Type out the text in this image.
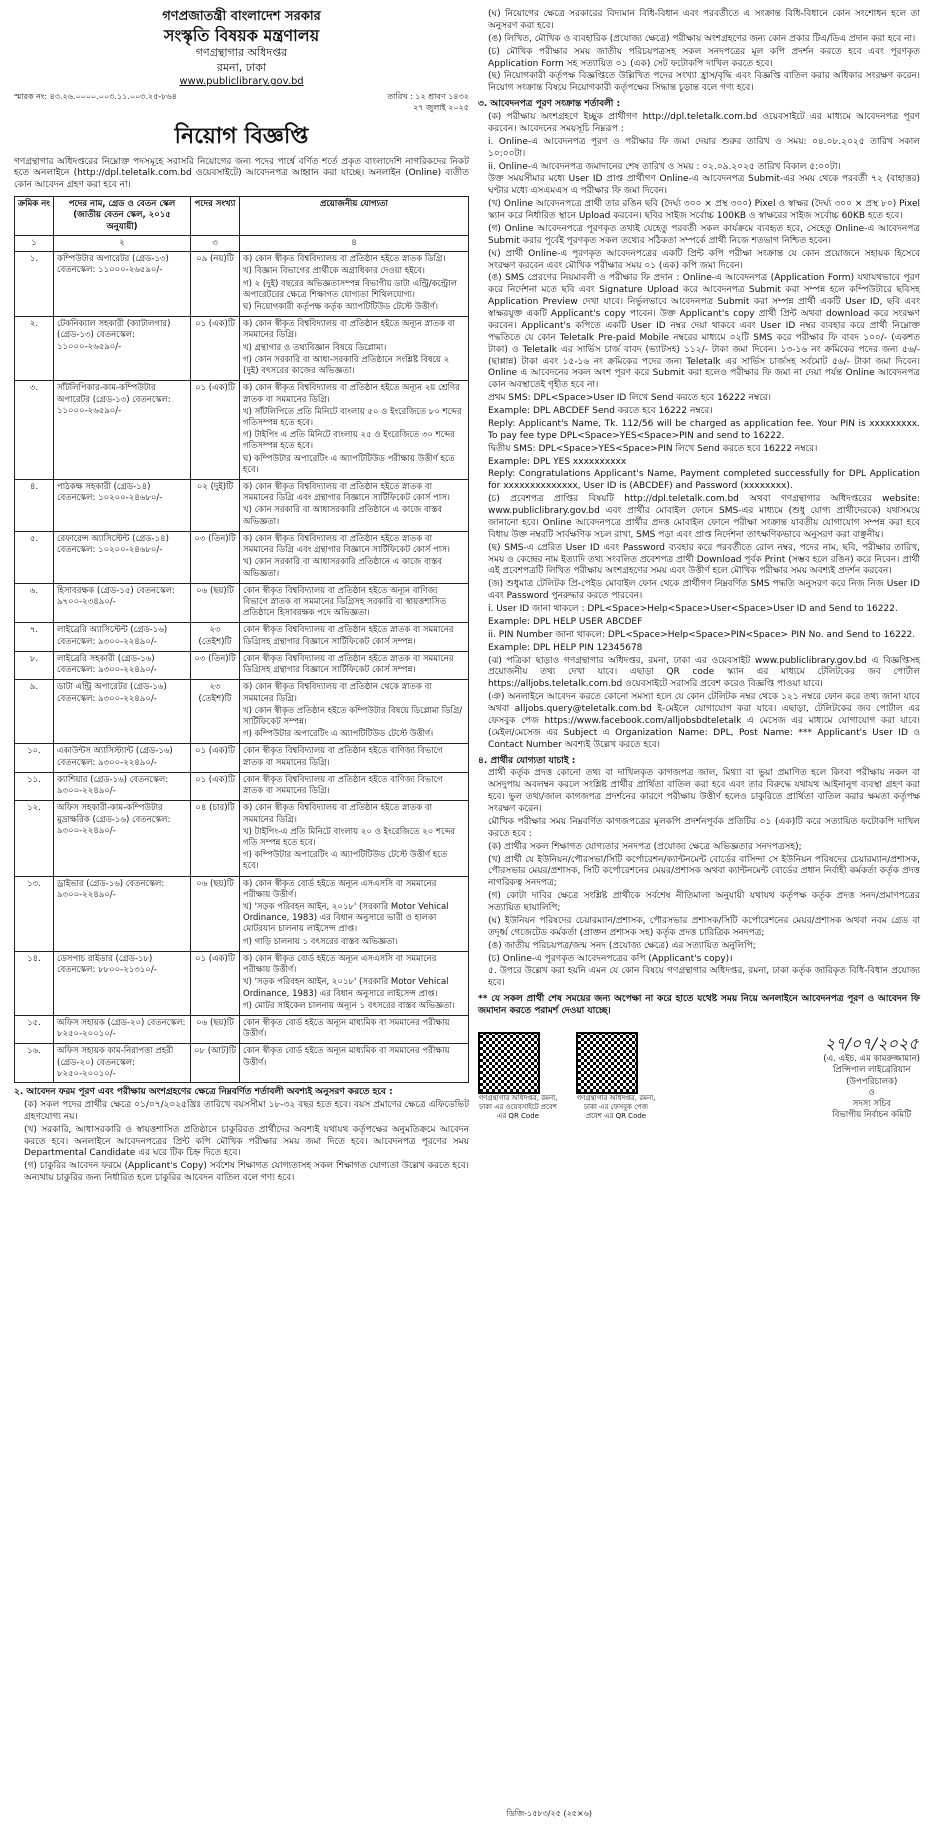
গণপ্রজাতন্ত্রী বাংলাদেশ সরকার
সংস্কৃতি বিষয়ক মন্ত্রণালয়
গণগ্রন্থাগার অধিদপ্তর
রমনা, ঢাকা
www.publiclibrary.gov.bd
স্মারক নং: ৪৩.২৬.০০০০.০০৩.১১.০০৩.২৫-৮৬৪	তারিখ : ১২ শ্রাবণ ১৪৩২
২৭ জুলাই ২০২৫
নিয়োগ বিজ্ঞপ্তি
গণগ্রন্থাগার অধিদপ্তরের নিম্নোক্ত পদসমূহে সরাসরি নিয়োগের জন্য পদের পার্শ্বে বর্ণিত শর্তে প্রকৃত বাংলাদেশি নাগরিকদের নিকট হতে অনলাইনে (http://dpl.teletalk.com.bd ওয়েবসাইটে) আবেদনপত্র আহ্বান করা যাচ্ছে। অনলাইন (Online) ব্যতীত কোন আবেদন গ্রহণ করা হবে না।
ক্রমিক নং	পদের নাম, গ্রেড ও বেতন স্কেল (জাতীয় বেতন স্কেল, ২০১৫ অনুযায়ী)	পদের সংখ্যা	প্রয়োজনীয় যোগ্যতা
১	২	৩	৪
১.	কম্পিউটার অপারেটর (গ্রেড-১৩) বেতনস্কেল: ১১০০০-২৬৫৯০/-	০৯ (নয়)টি	ক) কোন স্বীকৃত বিশ্ববিদ্যালয় বা প্রতিষ্ঠান হইতে স্নাতক ডিগ্রি।
খ) বিজ্ঞান বিভাগের প্রার্থীকে অগ্রাধিকার দেওয়া হইবে।
গ) ২ (দুই) বছরের অভিজ্ঞতাসম্পন্ন বিভাগীয় ডাটা এন্ট্রি/কন্ট্রোল অপারেটরের ক্ষেত্রে শিক্ষাগত যোগ্যতা শিথিলযোগ্য।
ঘ) নিয়োগকারী কর্তৃপক্ষ কর্তৃক অ্যাপটিটিউড টেস্টে উত্তীর্ণ।

২.	টেকনিক্যাল সহকারী (ক্যাটালগার) (গ্রেড-১৩) বেতনস্কেল: ১১০০০-২৬৫৯০/-	০১ (এক)টি	ক) কোন স্বীকৃত বিশ্ববিদ্যালয় বা প্রতিষ্ঠান হইতে অন্যূন স্নাতক বা সমমানের ডিগ্রি।
খ) গ্রন্থাগার ও তথ্যবিজ্ঞান বিষয়ে ডিপ্লোমা।
গ) কোন সরকারি বা আধা-সরকারি প্রতিষ্ঠানে সংশ্লিষ্ট বিষয়ে ২ (দুই) বৎসরের কাজের অভিজ্ঞতা।

৩.	সাঁটলিপিকার-কাম-কম্পিউটার অপারেটর (গ্রেড-১৩) বেতনস্কেল: ১১০০০-২৬৫৯০/-	০১ (এক)টি	ক) কোন স্বীকৃত বিশ্ববিদ্যালয় বা প্রতিষ্ঠান হইতে অন্যূন ২য় শ্রেণির স্নাতক বা সমমানের ডিগ্রি।
খ) সাঁটলিপিতে প্রতি মিনিটে বাংলায় ৫০ ও ইংরেজিতে ৮০ শব্দের গতিসম্পন্ন হতে হবে।
গ) টাইপিং এ প্রতি মিনিটে বাংলায় ২৫ ও ইংরেজিতে ৩০ শব্দের গতিসম্পন্ন হতে হবে।
ঘ) কম্পিউটার অপারেটিং এ অ্যাপটিটিউড পরীক্ষায় উত্তীর্ণ হতে হবে।

৪.	পাঠকক্ষ সহকারী (গ্রেড-১৪) বেতনস্কেল: ১০২০০-২৪৬৮০/-	০২ (দুই)টি	ক) কোন স্বীকৃত বিশ্ববিদ্যালয় বা প্রতিষ্ঠান হইতে স্নাতক বা সমমানের ডিগ্রি এবং গ্রন্থাগার বিজ্ঞানে সার্টিফিকেট কোর্স পাস।
খ) কোন সরকারি বা আধাসরকারি প্রতিষ্ঠানে এ কাজে বাস্তব অভিজ্ঞতা।

৫.	রেফারেন্স অ্যাসিস্টেন্ট (গ্রেড-১৪) বেতনস্কেল: ১০২০০-২৪৬৮০/-	০৩ (তিন)টি	ক) কোন স্বীকৃত বিশ্ববিদ্যালয় বা প্রতিষ্ঠান হইতে স্নাতক বা সমমানের ডিগ্রি এবং গ্রন্থাগার বিজ্ঞানে সার্টিফিকেট কোর্স পাস।
খ) কোন সরকারি বা আধাসরকারি প্রতিষ্ঠানে এ কাজে বাস্তব অভিজ্ঞতা।

৬.	হিসাবরক্ষক (গ্রেড-১৫) বেতনস্কেল: ৯৭০০-২৩৪৯০/-	০৬ (ছয়)টি	কোন স্বীকৃত বিশ্ববিদ্যালয় বা প্রতিষ্ঠান হইতে অন্যূন বাণিজ্য বিভাগে স্নাতক বা সমমানের ডিগ্রিসহ সরকারি বা স্বায়ত্তশাসিত প্রতিষ্ঠানে হিসাবরক্ষক পদে অভিজ্ঞতা।

৭.	লাইব্রেরি অ্যাসিস্টেন্ট (গ্রেড-১৬) বেতনস্কেল: ৯৩০০-২২৪৯০/-	২৩ (তেইশ)টি	কোন স্বীকৃত বিশ্ববিদ্যালয় বা প্রতিষ্ঠান হইতে স্নাতক বা সমমানের ডিগ্রিসহ গ্রন্থাগার বিজ্ঞানে সার্টিফিকেট কোর্স সম্পন্ন।

৮.	লাইব্রেরি সহকারী (গ্রেড-১৬) বেতনস্কেল: ৯৩০০-২২৪৯০/-	০৩ (তিন)টি	কোন স্বীকৃত বিশ্ববিদ্যালয় বা প্রতিষ্ঠান হইতে স্নাতক বা সমমানের ডিগ্রিসহ গ্রন্থাগার বিজ্ঞানে সার্টিফিকেট কোর্স সম্পন্ন।

৯.	ডাটা এন্ট্রি অপারেটর (গ্রেড-১৬) বেতনস্কেল: ৯৩০০-২২৪৯০/-	২৩ (তেইশ)টি	ক) কোন স্বীকৃত বিশ্ববিদ্যালয় বা প্রতিষ্ঠান থেকে স্নাতক বা সমমানের ডিগ্রি।
খ) কোন স্বীকৃত প্রতিষ্ঠান হইতে কম্পিউটার বিষয়ে ডিপ্লোমা ডিগ্রি/সার্টিফিকেট সম্পন্ন।
গ) কম্পিউটার অপারেটিং এ অ্যাপটিটিউড টেস্টে উত্তীর্ণ।

১০.	একাউন্টস অ্যাসিস্ট্যান্ট (গ্রেড-১৬) বেতনস্কেল: ৯৩০০-২২৪৯০/-	০১ (এক)টি	কোন স্বীকৃত বিশ্ববিদ্যালয় বা প্রতিষ্ঠান হইতে বাণিজ্য বিভাগে স্নাতক বা সমমানের ডিগ্রি।

১১.	ক্যাশিয়ার (গ্রেড-১৬) বেতনস্কেল: ৯৩০০-২২৪৯০/-	০১ (এক)টি	কোন স্বীকৃত বিশ্ববিদ্যালয় বা প্রতিষ্ঠান হইতে বাণিজ্য বিভাগে স্নাতক বা সমমানের ডিগ্রি।

১২.	অফিস সহকারী-কাম-কম্পিউটার মুদ্রাক্ষরিক (গ্রেড-১৬) বেতনস্কেল: ৯৩০০-২২৪৯০/-	০৪ (চার)টি	ক) কোন স্বীকৃত বিশ্ববিদ্যালয় বা প্রতিষ্ঠান হইতে স্নাতক বা সমমানের ডিগ্রি।
খ) টাইপিং-এ প্রতি মিনিটে বাংলায় ২০ ও ইংরেজিতে ২০ শব্দের গতি সম্পন্ন হতে হবে।
গ) কম্পিউটার অপারেটিং এ অ্যাপটিটিউড টেস্টে উত্তীর্ণ হতে হবে।

১৩.	ড্রাইভার (গ্রেড-১৬) বেতনস্কেল: ৯৩০০-২২৪৯০/-	০৬ (ছয়)টি	ক) কোন স্বীকৃত বোর্ড হইতে অন্যূন এসএসসি বা সমমানের পরীক্ষায় উত্তীর্ণ।
খ) 'সড়ক পরিবহন আইন, ২০১৮' (সরকারি Motor Vehical Ordinance, 1983) এর বিধান অনুসারে ভারী ও হালকা মোটরযান চালনায় লাইসেন্স প্রাপ্ত।
গ) গাড়ি চালনায় ১ বৎসরের বাস্তব অভিজ্ঞতা।

১৪.	ডেসপাচ রাইডার (গ্রেড-১৮) বেতনস্কেল: ৮৮০০-২১৩১০/-	০১ (এক)টি	ক) কোন স্বীকৃত বোর্ড হইতে অন্যূন এসএসসি বা সমমানের পরীক্ষায় উত্তীর্ণ।
খ) 'সড়ক পরিবহন আইন, ২০১৮' (সরকারি Motor Vehical Ordinance, 1983) এর বিধান অনুসারে লাইসেন্স প্রাপ্ত।
গ) মোটর সাইকেল চালনায় অন্যূন ১ বৎসরের বাস্তব অভিজ্ঞতা।

১৫.	অফিস সহায়ক (গ্রেড-২০) বেতনস্কেল: ৮২৫০-২০০১০/-	০৬ (ছয়)টি	কোন স্বীকৃত বোর্ড হইতে অন্যূন মাধ্যমিক বা সমমানের পরীক্ষায় উত্তীর্ণ।

১৬.	অফিস সহায়ক কাম-নিরাপত্তা প্রহরী (গ্রেড-২০) বেতনস্কেল: ৮২৫০-২০০১০/-	০৮ (আট)টি	কোন স্বীকৃত বোর্ড হইতে অন্যূন মাধ্যমিক বা সমমানের পরীক্ষায় উত্তীর্ণ।
২. আবেদন ফরম পূরণ এবং পরীক্ষায় অংশগ্রহণের ক্ষেত্রে নিম্নবর্ণিত শর্তাবলী অবশ্যই অনুসরণ করতে হবে :
(ক) সকল পদের প্রার্থীর ক্ষেত্রে ০১/০৭/২০২৫খ্রিঃ তারিখে বয়সসীমা ১৮-৩২ বছর হতে হবে। বয়স প্রমাণের ক্ষেত্রে এফিডেভিট গ্রহণযোগ্য নয়।
(খ) সরকারি, আধাসরকারি ও স্বায়ত্তশাসিত প্রতিষ্ঠানে চাকুরিরত প্রার্থীদের অবশ্যই যথাযথ কর্তৃপক্ষের অনুমতিক্রমে আবেদন করতে হবে। অনলাইনে আবেদনপত্রের প্রিন্ট কপি মৌখিক পরীক্ষার সময় জমা দিতে হবে। আবেদনপত্র পূরণের সময় Departmental Candidate এর ঘরে টিক চিহ্ন দিতে হবে।
(গ) চাকুরির আবেদন ফরমে (Applicant's Copy) সর্বশেষ শিক্ষাগত যোগ্যতাসহ সকল শিক্ষাগত যোগ্যতা উল্লেখ করতে হবে। অন্যথায় চাকুরির জন্য নির্ধারিত হলে চাকুরির আবেদন বাতিল বলে গণ্য হবে।
(ঘ) নিয়োগের ক্ষেত্রে সরকারের বিদ্যমান বিধি-বিধান এবং পরবর্তীতে এ সংক্রান্ত বিধি-বিধানে কোন সংশোধন হলে তা অনুসরণ করা হবে।
(ঙ) লিখিত, মৌখিক ও ব্যবহারিক (প্রযোজ্য ক্ষেত্রে) পরীক্ষায় অংশগ্রহণের জন্য কোন প্রকার টিএ/ডিএ প্রদান করা হবে না।
(চ) মৌখিক পরীক্ষার সময় জাতীয় পরিচয়পত্রসহ সকল সনদপত্রের মূল কপি প্রদর্শন করতে হবে এবং পূরণকৃত Application Form সহ সত্যায়িত ০১ (এক) সেট ফটোকপি দাখিল করতে হবে।
(ছ) নিয়োগকারী কর্তৃপক্ষ বিজ্ঞপ্তিতে উল্লিখিত পদের সংখ্যা হ্রাস/বৃদ্ধি এবং বিজ্ঞপ্তি বাতিল করার অধিকার সংরক্ষণ করেন। নিয়োগ সংক্রান্ত বিষয়ে নিয়োগকারী কর্তৃপক্ষের সিদ্ধান্ত চূড়ান্ত বলে গণ্য হবে।
৩. আবেদনপত্র পূরণ সংক্রান্ত শর্তাবলী :
(ক) পরীক্ষায় অংশগ্রহণে ইচ্ছুক প্রার্থীগণ http://dpl.teletalk.com.bd ওয়েবসাইটে এর মাধ্যমে আবেদনপত্র পূরণ করবেন। আবেদনের সময়সূচি নিম্নরূপ :
i. Online-এ আবেদনপত্র পূরণ ও পরীক্ষার ফি জমা দেয়ার শুরুর তারিখ ও সময়: ০৪.০৮.২০২৫ তারিখ সকাল ১০:০০টা।
ii. Online-এ আবেদনপত্র জমাদানের শেষ তারিখ ও সময় : ০২.০৯.২০২৫ তারিখ বিকাল ৫:০০টা।
উক্ত সময়সীমার মধ্যে User ID প্রাপ্ত প্রার্থীগণ Online-এ আবেদনপত্র Submit-এর সময় থেকে পরবর্তী ৭২ (বাহাত্তর) ঘণ্টার মধ্যে এসএমএস এ পরীক্ষার ফি জমা দিবেন।
(খ) Online আবেদনপত্রে প্রার্থী তার রঙিন ছবি (দৈর্ঘ্য ৩০০ × প্রস্থ ৩০০) Pixel ও স্বাক্ষর (দৈর্ঘ্য ৩০০ × প্রস্থ ৮০) Pixel স্ক্যান করে নির্ধারিত স্থানে Upload করবেন। ছবির সাইজ সর্বোচ্চ 100KB ও স্বাক্ষরের সাইজ সর্বোচ্চ 60KB হতে হবে।
(গ) Online আবেদনপত্রে পূরণকৃত তথ্যই যেহেতু পরবর্তী সকল কার্যক্রমে ব্যবহৃত হবে, সেহেতু Online-এ আবেদনপত্র Submit করার পূর্বেই পূরণকৃত সকল তথ্যের সঠিকতা সম্পর্কে প্রার্থী নিজে শতভাগ নিশ্চিত হবেন।
(ঘ) প্রার্থী Online-এ পূরণকৃত আবেদনপত্রের একটি প্রিন্ট কপি পরীক্ষা সংক্রান্ত যে কোন প্রয়োজনে সহায়ক হিসেবে সংরক্ষণ করবেন এবং মৌখিক পরীক্ষার সময় ০১ (এক) কপি জমা দিবেন।
(ঙ) SMS প্রেরণের নিয়মাবলী ও পরীক্ষার ফি প্রদান : Online-এ আবেদনপত্র (Application Form) যথাযথভাবে পূরণ করে নির্দেশনা মতে ছবি এবং Signature Upload করে আবেদনপত্র Submit করা সম্পন্ন হলে কম্পিউটারে ছবিসহ Application Preview দেখা যাবে। নির্ভুলভাবে আবেদনপত্র Submit করা সম্পন্ন প্রার্থী একটি User ID, ছবি এবং স্বাক্ষরযুক্ত একটি Applicant's copy পাবেন। উক্ত Applicant's copy প্রার্থী প্রিন্ট অথবা download করে সংরক্ষণ করবেন। Applicant's কপিতে একটি User ID নম্বর দেয়া থাকবে এবং User ID নম্বর ব্যবহার করে প্রার্থী নিম্নোক্ত পদ্ধতিতে যে কোন Teletalk Pre-paid Mobile নম্বরের মাধ্যমে ০২টি SMS করে পরীক্ষার ফি বাবদ ১০০/- (একশত টাকা) ও Teletalk এর সার্ভিস চার্জ বাবদ (ভ্যাটসহ) ১১২/- টাকা জমা দিবেন। ১৩-১৬ নং ক্রমিকের পদের জন্য ৫৬/- (ছাপ্পান্ন) টাকা এবং ১৫-১৬ নং ক্রমিকের পদের জন্য Teletalk এর সার্ভিস চার্জসহ সর্বমোট ৫৬/- টাকা জমা দিবেন। Online এ আবেদনের সকল অংশ পূরণ করে Submit করা হলেও পরীক্ষার ফি জমা না দেয়া পর্যন্ত Online আবেদনপত্র কোন অবস্থাতেই গৃহীত হবে না।
প্রথম SMS: DPL<Space>User ID লিখে Send করতে হবে 16222 নম্বরে।
Example: DPL ABCDEF Send করতে হবে 16222 নম্বরে।
Reply: Applicant's Name, Tk. 112/56 will be charged as application fee. Your PIN is xxxxxxxxx. To pay fee type DPL<Space>YES<Space>PIN and send to 16222.
দ্বিতীয় SMS: DPL<Space>YES<Space>PIN লিখে Send করতে হবে 16222 নম্বরে।
Example: DPL YES xxxxxxxxxx
Reply: Congratulations Applicant's Name, Payment completed successfully for DPL Application for xxxxxxxxxxxxxx, User ID is (ABCDEF) and Password (xxxxxxxx).
(চ) প্রবেশপত্র প্রাপ্তির বিষয়টি http://dpl.teletalk.com.bd অথবা গণগ্রন্থাগার অধিদপ্তরের website: www.publiclibrary.gov.bd এবং প্রার্থীর মোবাইল ফোনে SMS-এর মাধ্যমে (শুধু যোগ্য প্রার্থীদেরকে) যথাসময়ে জানানো হবে। Online আবেদনপত্রে প্রার্থীর প্রদত্ত মোবাইল ফোনে পরীক্ষা সংক্রান্ত যাবতীয় যোগাযোগ সম্পন্ন করা হবে বিধায় উক্ত নম্বরটি সার্বক্ষণিক সচল রাখা, SMS পড়া এবং প্রাপ্ত নির্দেশনা তাৎক্ষণিকভাবে অনুসরণ করা বাঞ্ছনীয়।
(ছ) SMS-এ প্রেরিত User ID এবং Password ব্যবহার করে পরবর্তীতে রোল নম্বর, পদের নাম, ছবি, পরীক্ষার তারিখ, সময় ও কেন্দ্রের নাম ইত্যাদি তথ্য সংবলিত প্রবেশপত্র প্রার্থী Download পূর্বক Print (সম্ভব হলে রঙিন) করে নিবেন। প্রার্থী এই প্রবেশপত্রটি লিখিত পরীক্ষায় অংশগ্রহণের সময় এবং উত্তীর্ণ হলে মৌখিক পরীক্ষার সময় অবশ্যই প্রদর্শন করবেন।
(জ) শুধুমাত্র টেলিটক প্রি-পেইড মোবাইল ফোন থেকে প্রার্থীগণ নিম্নবর্ণিত SMS পদ্ধতি অনুসরণ করে নিজ নিজ User ID এবং Password পুনরুদ্ধার করতে পারবেন।
i. User ID জানা থাকলে : DPL<Space>Help<Space>User<Space>User ID and Send to 16222.
Example: DPL HELP USER ABCDEF
ii. PIN Number জানা থাকলে: DPL<Space>Help<Space>PIN<Space> PIN No. and Send to 16222.
Example: DPL HELP PIN 12345678
(ঝ) পত্রিকা ছাড়াও গণগ্রন্থাগার অধিদপ্তর, রমনা, ঢাকা এর ওয়েবসাইট www.publiclibrary.gov.bd এ বিজ্ঞপ্তিসহ প্রয়োজনীয় তথ্য দেখা যাবে। এছাড়া QR code স্ক্যান এর মাধ্যমে টেলিটকের জব পোর্টাল https://alljobs.teletalk.com.bd ওয়েবসাইটে সরাসরি প্রবেশ করেও বিজ্ঞপ্তি পাওয়া যাবে।
(ঞ) অনলাইনে আবেদন করতে কোনো সমস্যা হলে যে কোন টেলিটক নম্বর থেকে ১২১ নম্বরে ফোন করে তথ্য জানা যাবে অথবা alljobs.query@teletalk.com.bd ই-মেইলে যোগাযোগ করা যাবে। এছাড়া, টেলিটকের জব পোর্টাল এর ফেসবুক পেজ https://www.facebook.com/alljobsbdteletalk এ মেসেজ এর মাধ্যমে যোগাযোগ করা যাবে। (মেইল/মেসেজ এর Subject এ Organization Name: DPL, Post Name: *** Applicant's User ID ও Contact Number অবশ্যই উল্লেখ করতে হবে।
৪. প্রার্থীর যোগ্যতা যাচাই :
প্রার্থী কর্তৃক প্রদত্ত কোনো তথ্য বা দাখিলকৃত কাগজপত্র জাল, মিথ্যা বা ভুয়া প্রমাণিত হলে কিংবা পরীক্ষায় নকল বা অসদুপায় অবলম্বন করলে সংশ্লিষ্ট প্রার্থীর প্রার্থিতা বাতিল করা হবে এবং তার বিরুদ্ধে যথাযথ আইনানুগ ব্যবস্থা গ্রহণ করা হবে। ভুল তথ্য/জাল কাগজপত্র প্রদর্শনের কারণে পরীক্ষায় উত্তীর্ণ হলেও চাকুরিতে প্রার্থিতা বাতিল করার ক্ষমতা কর্তৃপক্ষ সংরক্ষণ করেন।
মৌখিক পরীক্ষার সময় নিম্নবর্ণিত কাগজপত্রের মূলকপি প্রদর্শনপূর্বক প্রতিটির ০১ (এক)টি করে সত্যায়িত ফটোকপি দাখিল করতে হবে :
(ক) প্রার্থীর সকল শিক্ষাগত যোগ্যতার সনদপত্র (প্রযোজ্য ক্ষেত্রে অভিজ্ঞতার সনদপত্রসহ);
(খ) প্রার্থী যে ইউনিয়ন/পৌরসভা/সিটি কর্পোরেশন/ক্যান্টনমেন্ট বোর্ডের বাসিন্দা সে ইউনিয়ন পরিষদের চেয়ারম্যান/প্রশাসক, পৌরসভার মেয়র/প্রশাসক, সিটি কর্পোরেশনের মেয়র/প্রশাসক অথবা ক্যান্টনমেন্ট বোর্ডের প্রধান নির্বাহী কর্মকর্তা কর্তৃক প্রদত্ত নাগরিকত্ব সনদপত্র;
(গ) কোটা দাবির ক্ষেত্রে সংশ্লিষ্ট প্রার্থীকে সর্বশেষ নীতিমালা অনুযায়ী যথাযথ কর্তৃপক্ষ কর্তৃক প্রদত্ত সনদ/প্রমাণপত্রের সত্যায়িত ছায়ালিপি;
(ঘ) ইউনিয়ন পরিষদের চেয়ারম্যান/প্রশাসক, পৌরসভার প্রশাসক/সিটি কর্পোরেশনের মেয়র/প্রশাসক অথবা নবম গ্রেড বা তদূর্ধ্ব গেজেটেড কর্মকর্তা (প্রাক্তন প্রশাসক সহ) কর্তৃক প্রদত্ত চারিত্রিক সনদপত্র;
(ঙ) জাতীয় পরিচয়পত্র/জন্ম সনদ (প্রযোজ্য ক্ষেত্রে) এর সত্যায়িত অনুলিপি;
(চ) Online-এ পূরণকৃত আবেদনপত্রের কপি (Applicant's copy)।
৫. উপরে উল্লেখ করা হয়নি এমন যে কোন বিষয়ে গণগ্রন্থাগার অধিদপ্তর, রমনা, ঢাকা কর্তৃক জারিকৃত বিধি-বিধান প্রযোজ্য হবে।
** যে সকল প্রার্থী শেষ সময়ের জন্য অপেক্ষা না করে হাতে যথেষ্ট সময় নিয়ে অনলাইনে আবেদনপত্র পূরণ ও আবেদন ফি জমাদান করতে পরামর্শ দেওয়া যাচ্ছে।
গণগ্রন্থাগার অধিদপ্তর, রমনা, ঢাকা এর ওয়েবসাইটে প্রবেশ এর QR Code
গণগ্রন্থাগার অধিদপ্তর, রমনা, ঢাকা এর ফেসবুক পেজ প্রবেশ এর QR Code
২৭/০৭/২০২৫
(এ. এইচ. এম কামরুজ্জামান)
প্রিন্সিপাল লাইব্রেরিয়ান
(উপপরিচালক)
ও
সদস্য সচিব
বিভাগীয় নির্বাচন কমিটি
ডিজি-১৫৮৩/২৫ (২৫×৬)
